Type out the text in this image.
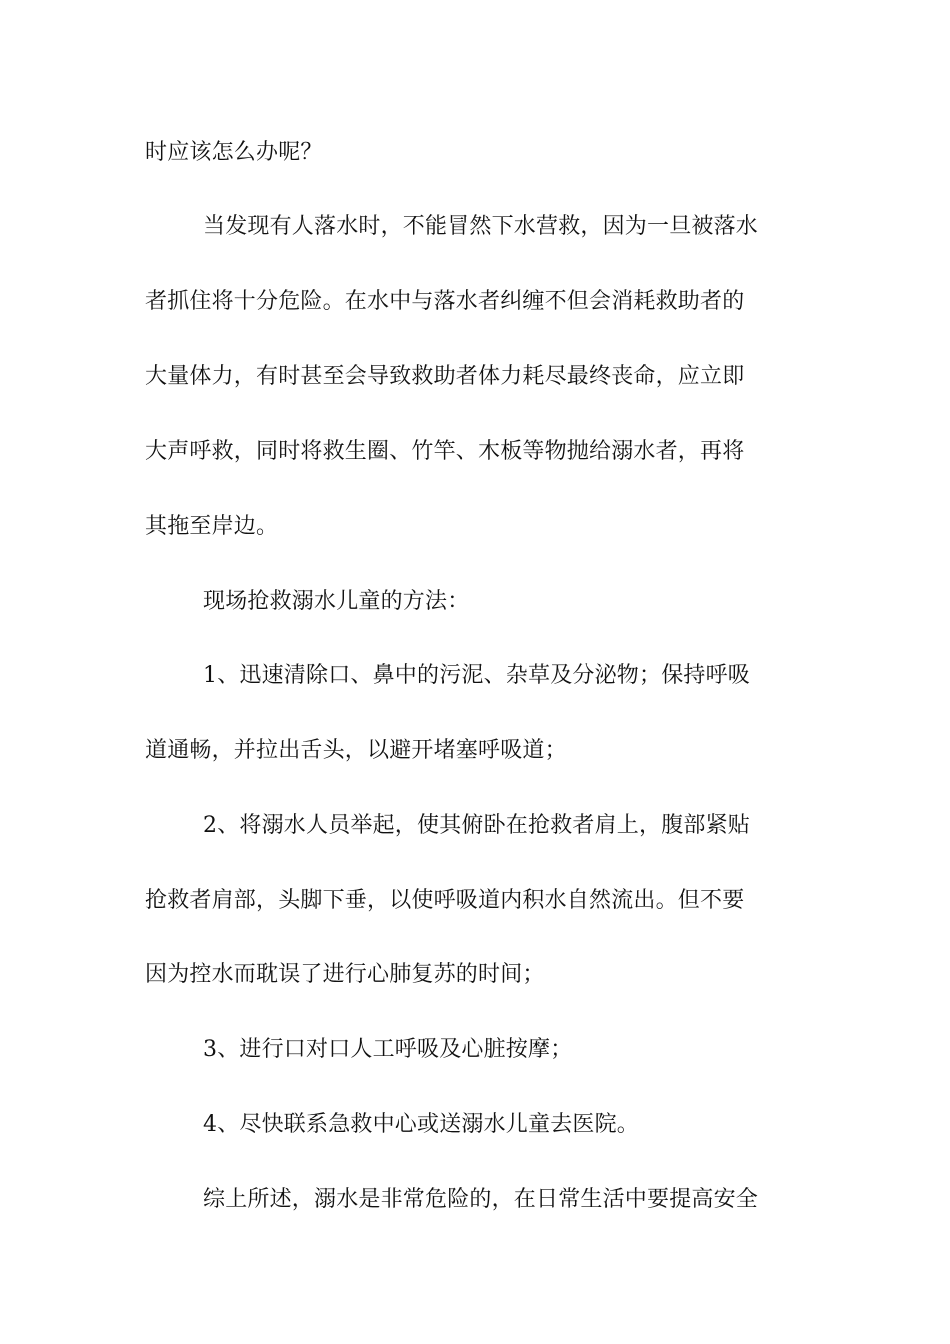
时应该怎么办呢？
当发现有人落水时，不能冒然下水营救，因为一旦被落水
者抓住将十分危险。在水中与落水者纠缠不但会消耗救助者的
大量体力，有时甚至会导致救助者体力耗尽最终丧命，应立即
大声呼救，同时将救生圈、竹竿、木板等物抛给溺水者，再将
其拖至岸边。
现场抢救溺水儿童的方法：
1、迅速清除口、鼻中的污泥、杂草及分泌物；保持呼吸
道通畅，并拉出舌头，以避开堵塞呼吸道；
2、将溺水人员举起，使其俯卧在抢救者肩上，腹部紧贴
抢救者肩部，头脚下垂，以使呼吸道内积水自然流出。但不要
因为控水而耽误了进行心肺复苏的时间；
3、进行口对口人工呼吸及心脏按摩；
4、尽快联系急救中心或送溺水儿童去医院。
综上所述，溺水是非常危险的，在日常生活中要提高安全
